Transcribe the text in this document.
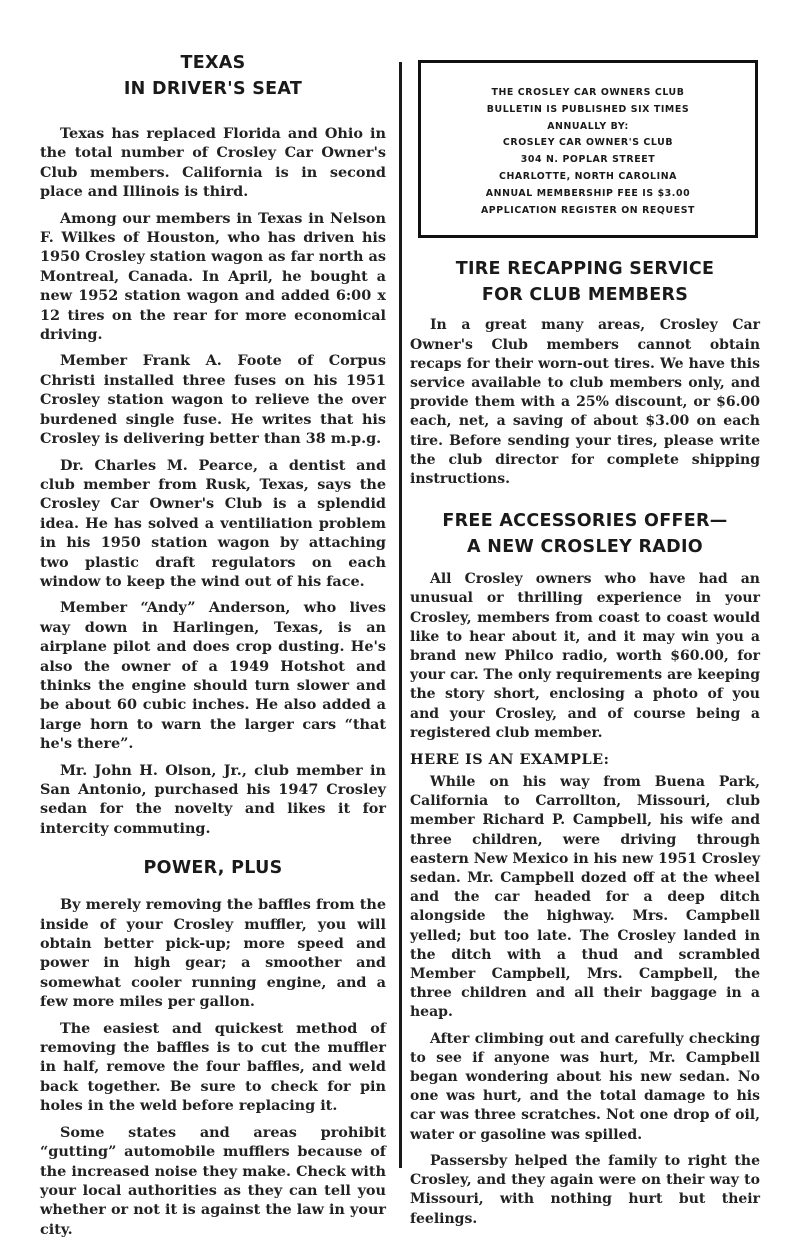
TEXAS
IN DRIVER'S SEAT

Texas has replaced Florida and Ohio in the total number of Crosley Car Owner's Club members. California is in second place and Illinois is third.

Among our members in Texas in Nelson F. Wilkes of Houston, who has driven his 1950 Crosley station wagon as far north as Montreal, Canada. In April, he bought a new 1952 station wagon and added 6:00 x 12 tires on the rear for more economical driving.

Member Frank A. Foote of Corpus Christi installed three fuses on his 1951 Crosley station wagon to relieve the over burdened single fuse. He writes that his Crosley is delivering better than 38 m.p.g.

Dr. Charles M. Pearce, a dentist and club member from Rusk, Texas, says the Crosley Car Owner's Club is a splendid idea. He has solved a ventiliation problem in his 1950 station wagon by attaching two plastic draft regulators on each window to keep the wind out of his face.

Member “Andy” Anderson, who lives way down in Harlingen, Texas, is an airplane pilot and does crop dusting. He's also the owner of a 1949 Hotshot and thinks the engine should turn slower and be about 60 cubic inches. He also added a large horn to warn the larger cars “that he's there”.

Mr. John H. Olson, Jr., club member in San Antonio, purchased his 1947 Crosley sedan for the novelty and likes it for intercity commuting.

POWER, PLUS

By merely removing the baffles from the inside of your Crosley muffler, you will obtain better pick-up; more speed and power in high gear; a smoother and somewhat cooler running engine, and a few more miles per gallon.

The easiest and quickest method of removing the baffles is to cut the muffler in half, remove the four baffles, and weld back together. Be sure to check for pin holes in the weld before replacing it.

Some states and areas prohibit “gutting” automobile mufflers because of the increased noise they make. Check with your local authorities as they can tell you whether or not it is against the law in your city.

THE CROSLEY CAR OWNERS CLUB
BULLETIN IS PUBLISHED SIX TIMES
ANNUALLY BY:
CROSLEY CAR OWNER'S CLUB
304 N. POPLAR STREET
CHARLOTTE, NORTH CAROLINA
ANNUAL MEMBERSHIP FEE IS $3.00
APPLICATION REGISTER ON REQUEST
TIRE RECAPPING SERVICE
FOR CLUB MEMBERS

In a great many areas, Crosley Car Owner's Club members cannot obtain recaps for their worn-out tires. We have this service available to club members only, and provide them with a 25% discount, or $6.00 each, net, a saving of about $3.00 on each tire. Before sending your tires, please write the club director for complete shipping instructions.

FREE ACCESSORIES OFFER—
A NEW CROSLEY RADIO

All Crosley owners who have had an unusual or thrilling experience in your Crosley, members from coast to coast would like to hear about it, and it may win you a brand new Philco radio, worth $60.00, for your car. The only requirements are keeping the story short, enclosing a photo of you and your Crosley, and of course being a registered club member.

HERE IS AN EXAMPLE:

While on his way from Buena Park, California to Carrollton, Missouri, club member Richard P. Campbell, his wife and three children, were driving through eastern New Mexico in his new 1951 Crosley sedan. Mr. Campbell dozed off at the wheel and the car headed for a deep ditch alongside the highway. Mrs. Campbell yelled; but too late. The Crosley landed in the ditch with a thud and scrambled Member Campbell, Mrs. Campbell, the three children and all their baggage in a heap.

After climbing out and carefully checking to see if anyone was hurt, Mr. Campbell began wondering about his new sedan. No one was hurt, and the total damage to his car was three scratches. Not one drop of oil, water or gasoline was spilled.

Passersby helped the family to right the Crosley, and they again were on their way to Missouri, with nothing hurt but their feelings.
